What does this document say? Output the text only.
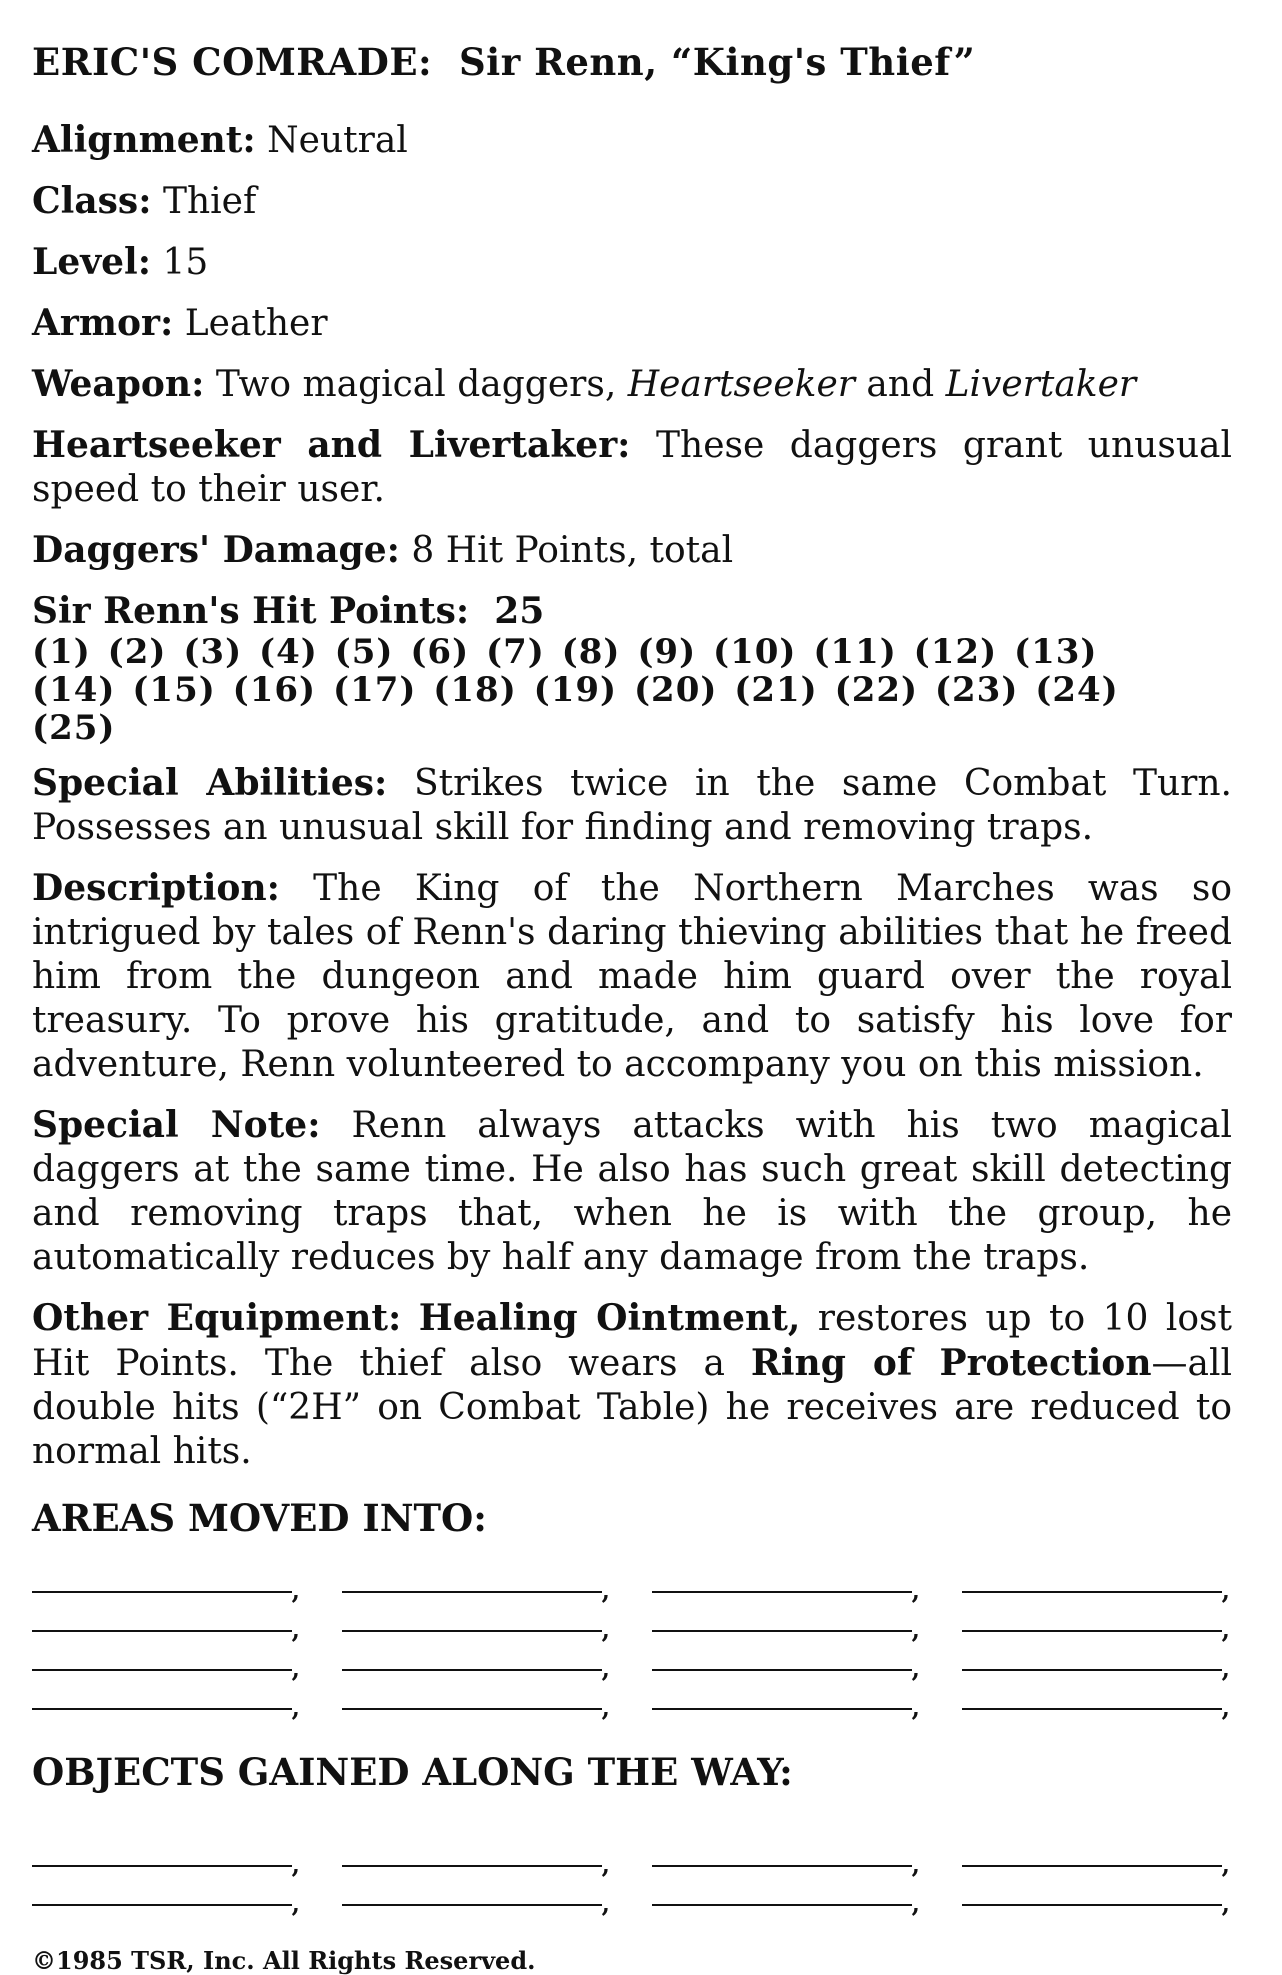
ERIC'S COMRADE: Sir Renn, “King's Thief”
Alignment: Neutral
Class: Thief
Level: 15
Armor: Leather
Weapon: Two magical daggers, Heartseeker and Livertaker
Heartseeker and Livertaker: These daggers grant unusual speed to their user.
Daggers' Damage: 8 Hit Points, total
Sir Renn's Hit Points: 25
(1) (2) (3) (4) (5) (6) (7) (8) (9) (10) (11) (12) (13)
(14) (15) (16) (17) (18) (19) (20) (21) (22) (23) (24)
(25)
Special Abilities: Strikes twice in the same Combat Turn. Possesses an unusual skill for finding and removing traps.
Description: The King of the Northern Marches was so intrigued by tales of Renn's daring thieving abilities that he freed him from the dungeon and made him guard over the royal treasury. To prove his gratitude, and to satisfy his love for adventure, Renn volunteered to accompany you on this mission.
Special Note: Renn always attacks with his two magical daggers at the same time. He also has such great skill detecting and removing traps that, when he is with the group, he automatically reduces by half any damage from the traps.
Other Equipment: Healing Ointment, restores up to 10 lost Hit Points. The thief also wears a Ring of Protection—all double hits (“2H” on Combat Table) he receives are reduced to normal hits.
AREAS MOVED INTO:
,
,
,
,
,
,
,
,
,
,
,
,
,
,
,
,
OBJECTS GAINED ALONG THE WAY:
,
,
,
,
,
,
,
,
©1985 TSR, Inc. All Rights Reserved.
